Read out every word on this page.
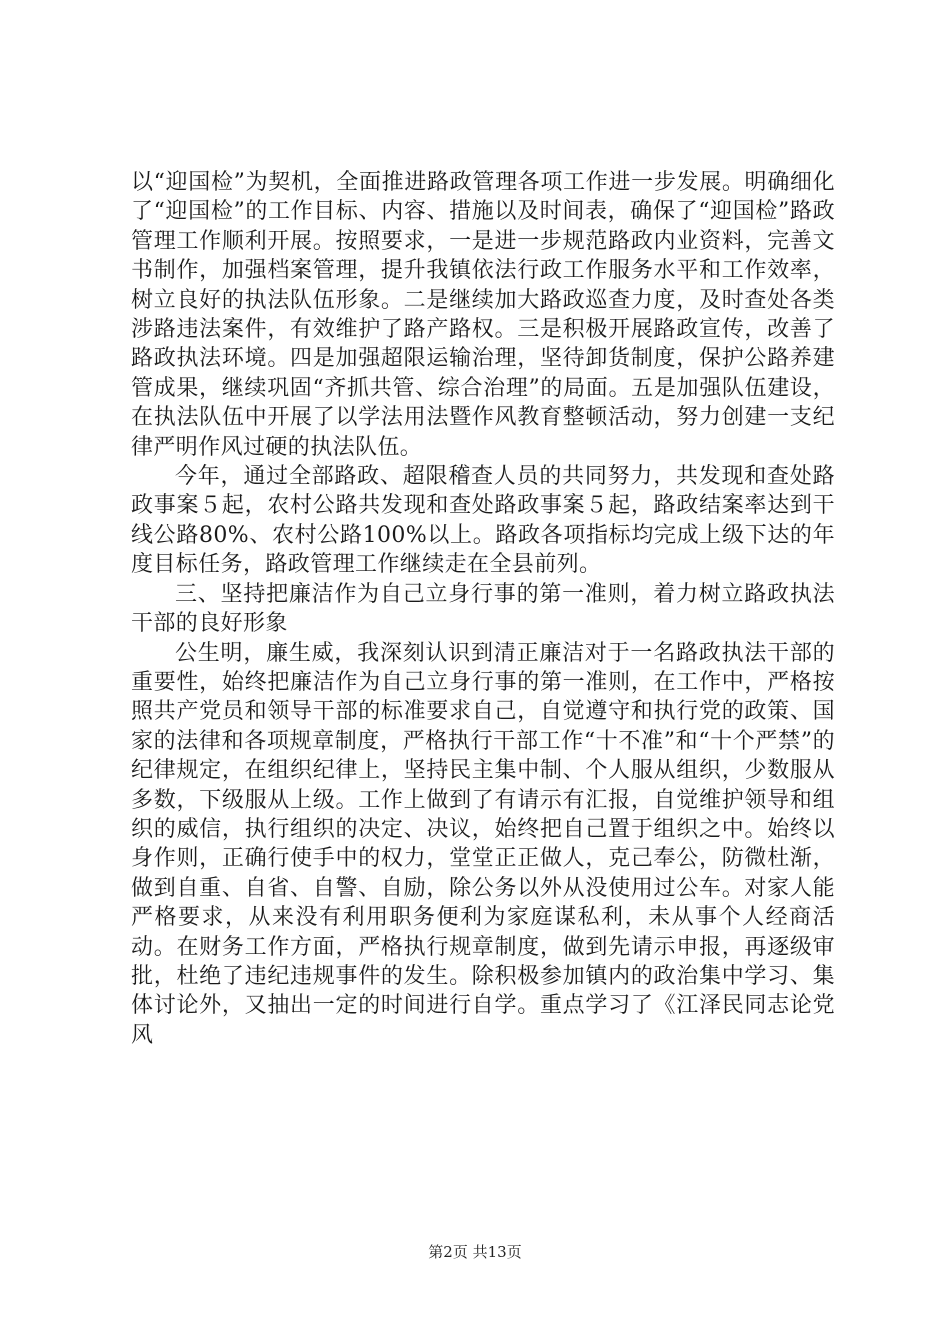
以“迎国检”为契机，全面推进路政管理各项工作进一步发展。明确细化了“迎国检”的工作目标、内容、措施以及时间表，确保了“迎国检”路政管理工作顺利开展。按照要求，一是进一步规范路政内业资料，完善文书制作，加强档案管理，提升我镇依法行政工作服务水平和工作效率，树立良好的执法队伍形象。二是继续加大路政巡查力度，及时查处各类涉路违法案件，有效维护了路产路权。三是积极开展路政宣传，改善了路政执法环境。四是加强超限运输治理，坚待卸货制度，保护公路养建管成果，继续巩固“齐抓共管、综合治理”的局面。五是加强队伍建设，在执法队伍中开展了以学法用法暨作风教育整顿活动，努力创建一支纪律严明作风过硬的执法队伍。

今年，通过全部路政、超限稽查人员的共同努力，共发现和查处路政事案５起，农村公路共发现和查处路政事案５起，路政结案率达到干线公路80%、农村公路100%以上。路政各项指标均完成上级下达的年度目标任务，路政管理工作继续走在全县前列。

三、坚持把廉洁作为自己立身行事的第一准则，着力树立路政执法干部的良好形象

公生明，廉生威，我深刻认识到清正廉洁对于一名路政执法干部的重要性，始终把廉洁作为自己立身行事的第一准则，在工作中，严格按照共产党员和领导干部的标准要求自己，自觉遵守和执行党的政策、国家的法律和各项规章制度，严格执行干部工作“十不准”和“十个严禁”的纪律规定，在组织纪律上，坚持民主集中制、个人服从组织，少数服从多数，下级服从上级。工作上做到了有请示有汇报，自觉维护领导和组织的威信，执行组织的决定、决议，始终把自己置于组织之中。始终以身作则，正确行使手中的权力，堂堂正正做人，克己奉公，防微杜渐，做到自重、自省、自警、自励，除公务以外从没使用过公车。对家人能严格要求，从来没有利用职务便利为家庭谋私利，未从事个人经商活动。在财务工作方面，严格执行规章制度，做到先请示申报，再逐级审批，杜绝了违纪违规事件的发生。除积极参加镇内的政治集中学习、集体讨论外，又抽出一定的时间进行自学。重点学习了《江泽民同志论党风

第2页 共13页
